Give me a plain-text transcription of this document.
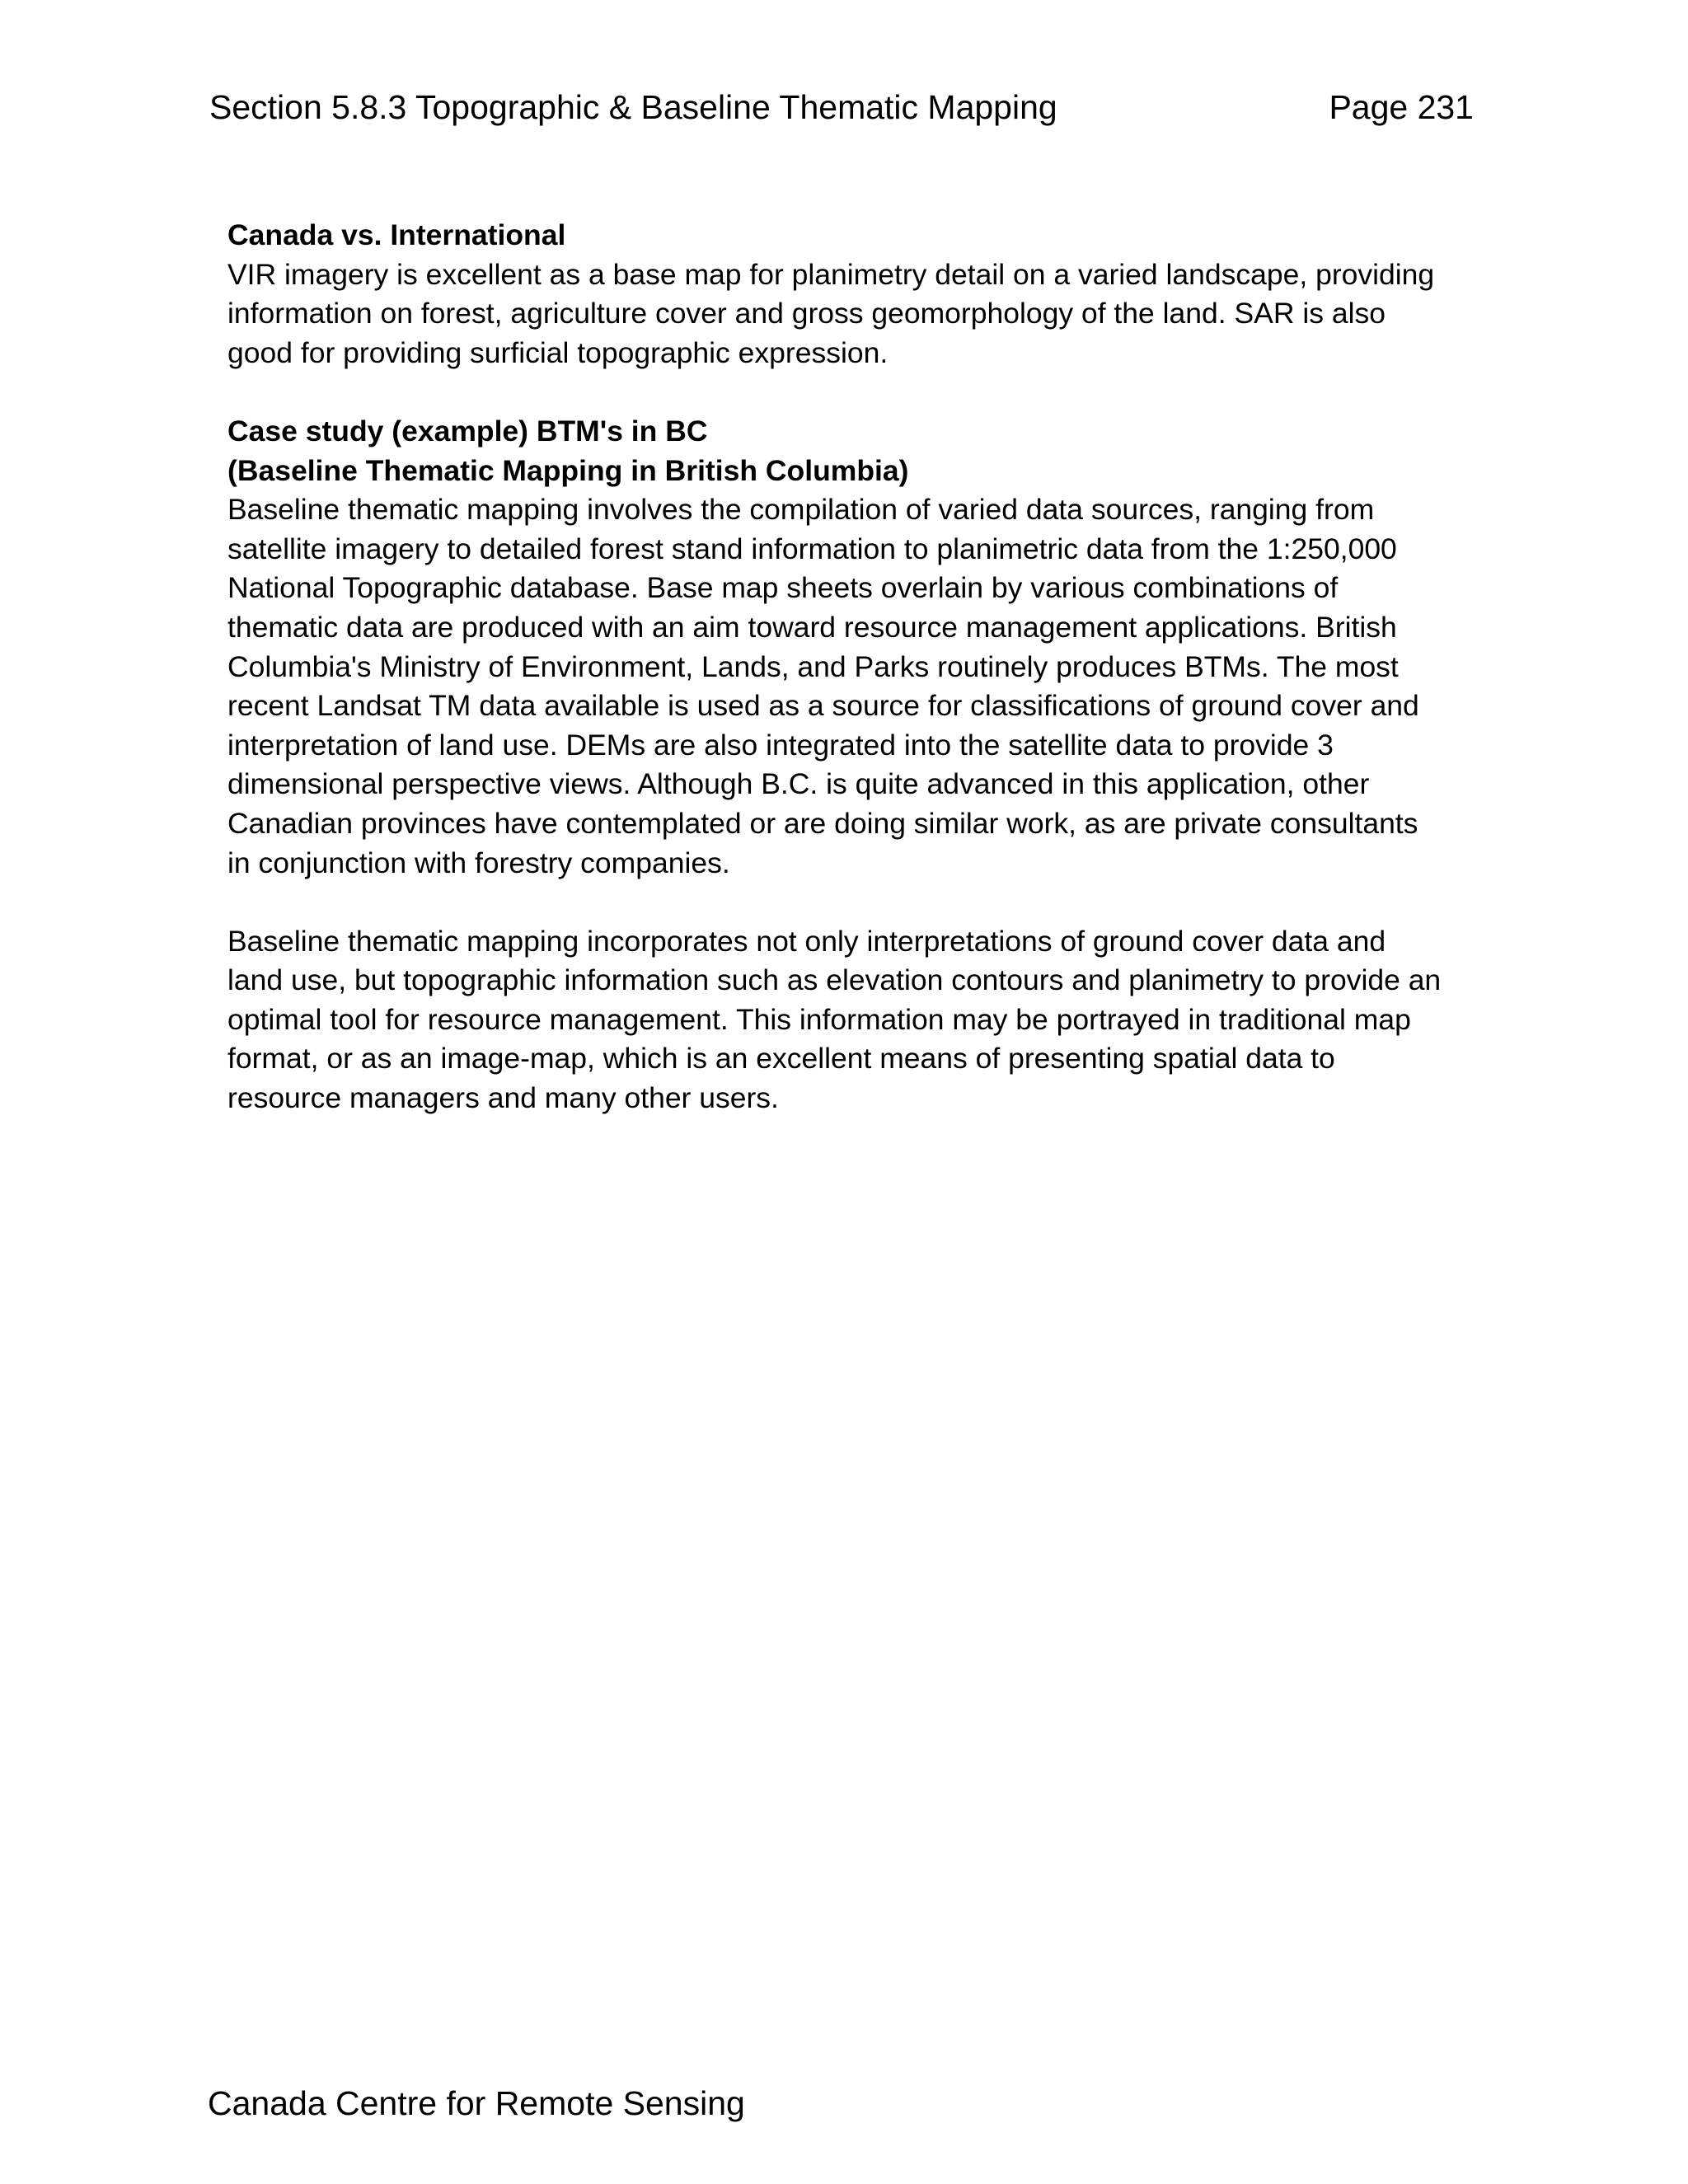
Section 5.8.3 Topographic & Baseline Thematic Mapping	Page 231
Canada vs. International
VIR imagery is excellent as a base map for planimetry detail on a varied landscape, providing
information on forest, agriculture cover and gross geomorphology of the land. SAR is also
good for providing surficial topographic expression.
Case study (example) BTM's in BC
(Baseline Thematic Mapping in British Columbia)
Baseline thematic mapping involves the compilation of varied data sources, ranging from
satellite imagery to detailed forest stand information to planimetric data from the 1:250,000
National Topographic database. Base map sheets overlain by various combinations of
thematic data are produced with an aim toward resource management applications. British
Columbia's Ministry of Environment, Lands, and Parks routinely produces BTMs. The most
recent Landsat TM data available is used as a source for classifications of ground cover and
interpretation of land use. DEMs are also integrated into the satellite data to provide 3
dimensional perspective views. Although B.C. is quite advanced in this application, other
Canadian provinces have contemplated or are doing similar work, as are private consultants
in conjunction with forestry companies.
Baseline thematic mapping incorporates not only interpretations of ground cover data and
land use, but topographic information such as elevation contours and planimetry to provide an
optimal tool for resource management. This information may be portrayed in traditional map
format, or as an image-map, which is an excellent means of presenting spatial data to
resource managers and many other users.
Canada Centre for Remote Sensing
